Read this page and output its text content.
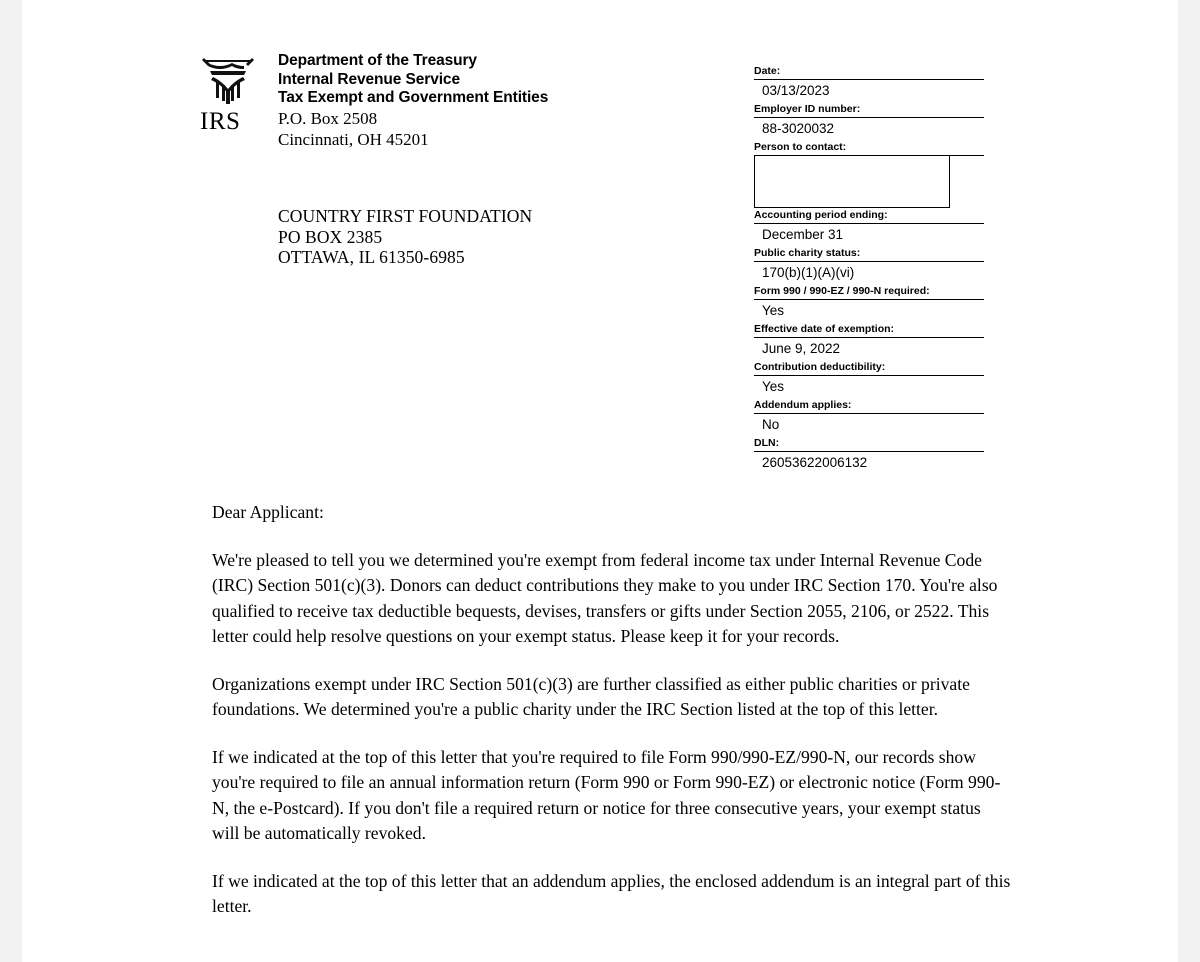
IRS
Department of the Treasury
Internal Revenue Service
Tax Exempt and Government Entities
P.O. Box 2508
Cincinnati, OH 45201
COUNTRY FIRST FOUNDATION
PO BOX 2385
OTTAWA, IL 61350-6985
Date:
03/13/2023
Employer ID number:
88-3020032
Person to contact:
Accounting period ending:
December 31
Public charity status:
170(b)(1)(A)(vi)
Form 990 / 990-EZ / 990-N required:
Yes
Effective date of exemption:
June 9, 2022
Contribution deductibility:
Yes
Addendum applies:
No
DLN:
26053622006132

Dear Applicant:

We're pleased to tell you we determined you're exempt from federal income tax under Internal Revenue Code (IRC) Section 501(c)(3). Donors can deduct contributions they make to you under IRC Section 170. You're also qualified to receive tax deductible bequests, devises, transfers or gifts under Section 2055, 2106, or 2522. This letter could help resolve questions on your exempt status. Please keep it for your records.

Organizations exempt under IRC Section 501(c)(3) are further classified as either public charities or private foundations. We determined you're a public charity under the IRC Section listed at the top of this letter.

If we indicated at the top of this letter that you're required to file Form 990/990-EZ/990-N, our records show you're required to file an annual information return (Form 990 or Form 990-EZ) or electronic notice (Form 990-N, the e-Postcard). If you don't file a required return or notice for three consecutive years, your exempt status will be automatically revoked.

If we indicated at the top of this letter that an addendum applies, the enclosed addendum is an integral part of this letter.
